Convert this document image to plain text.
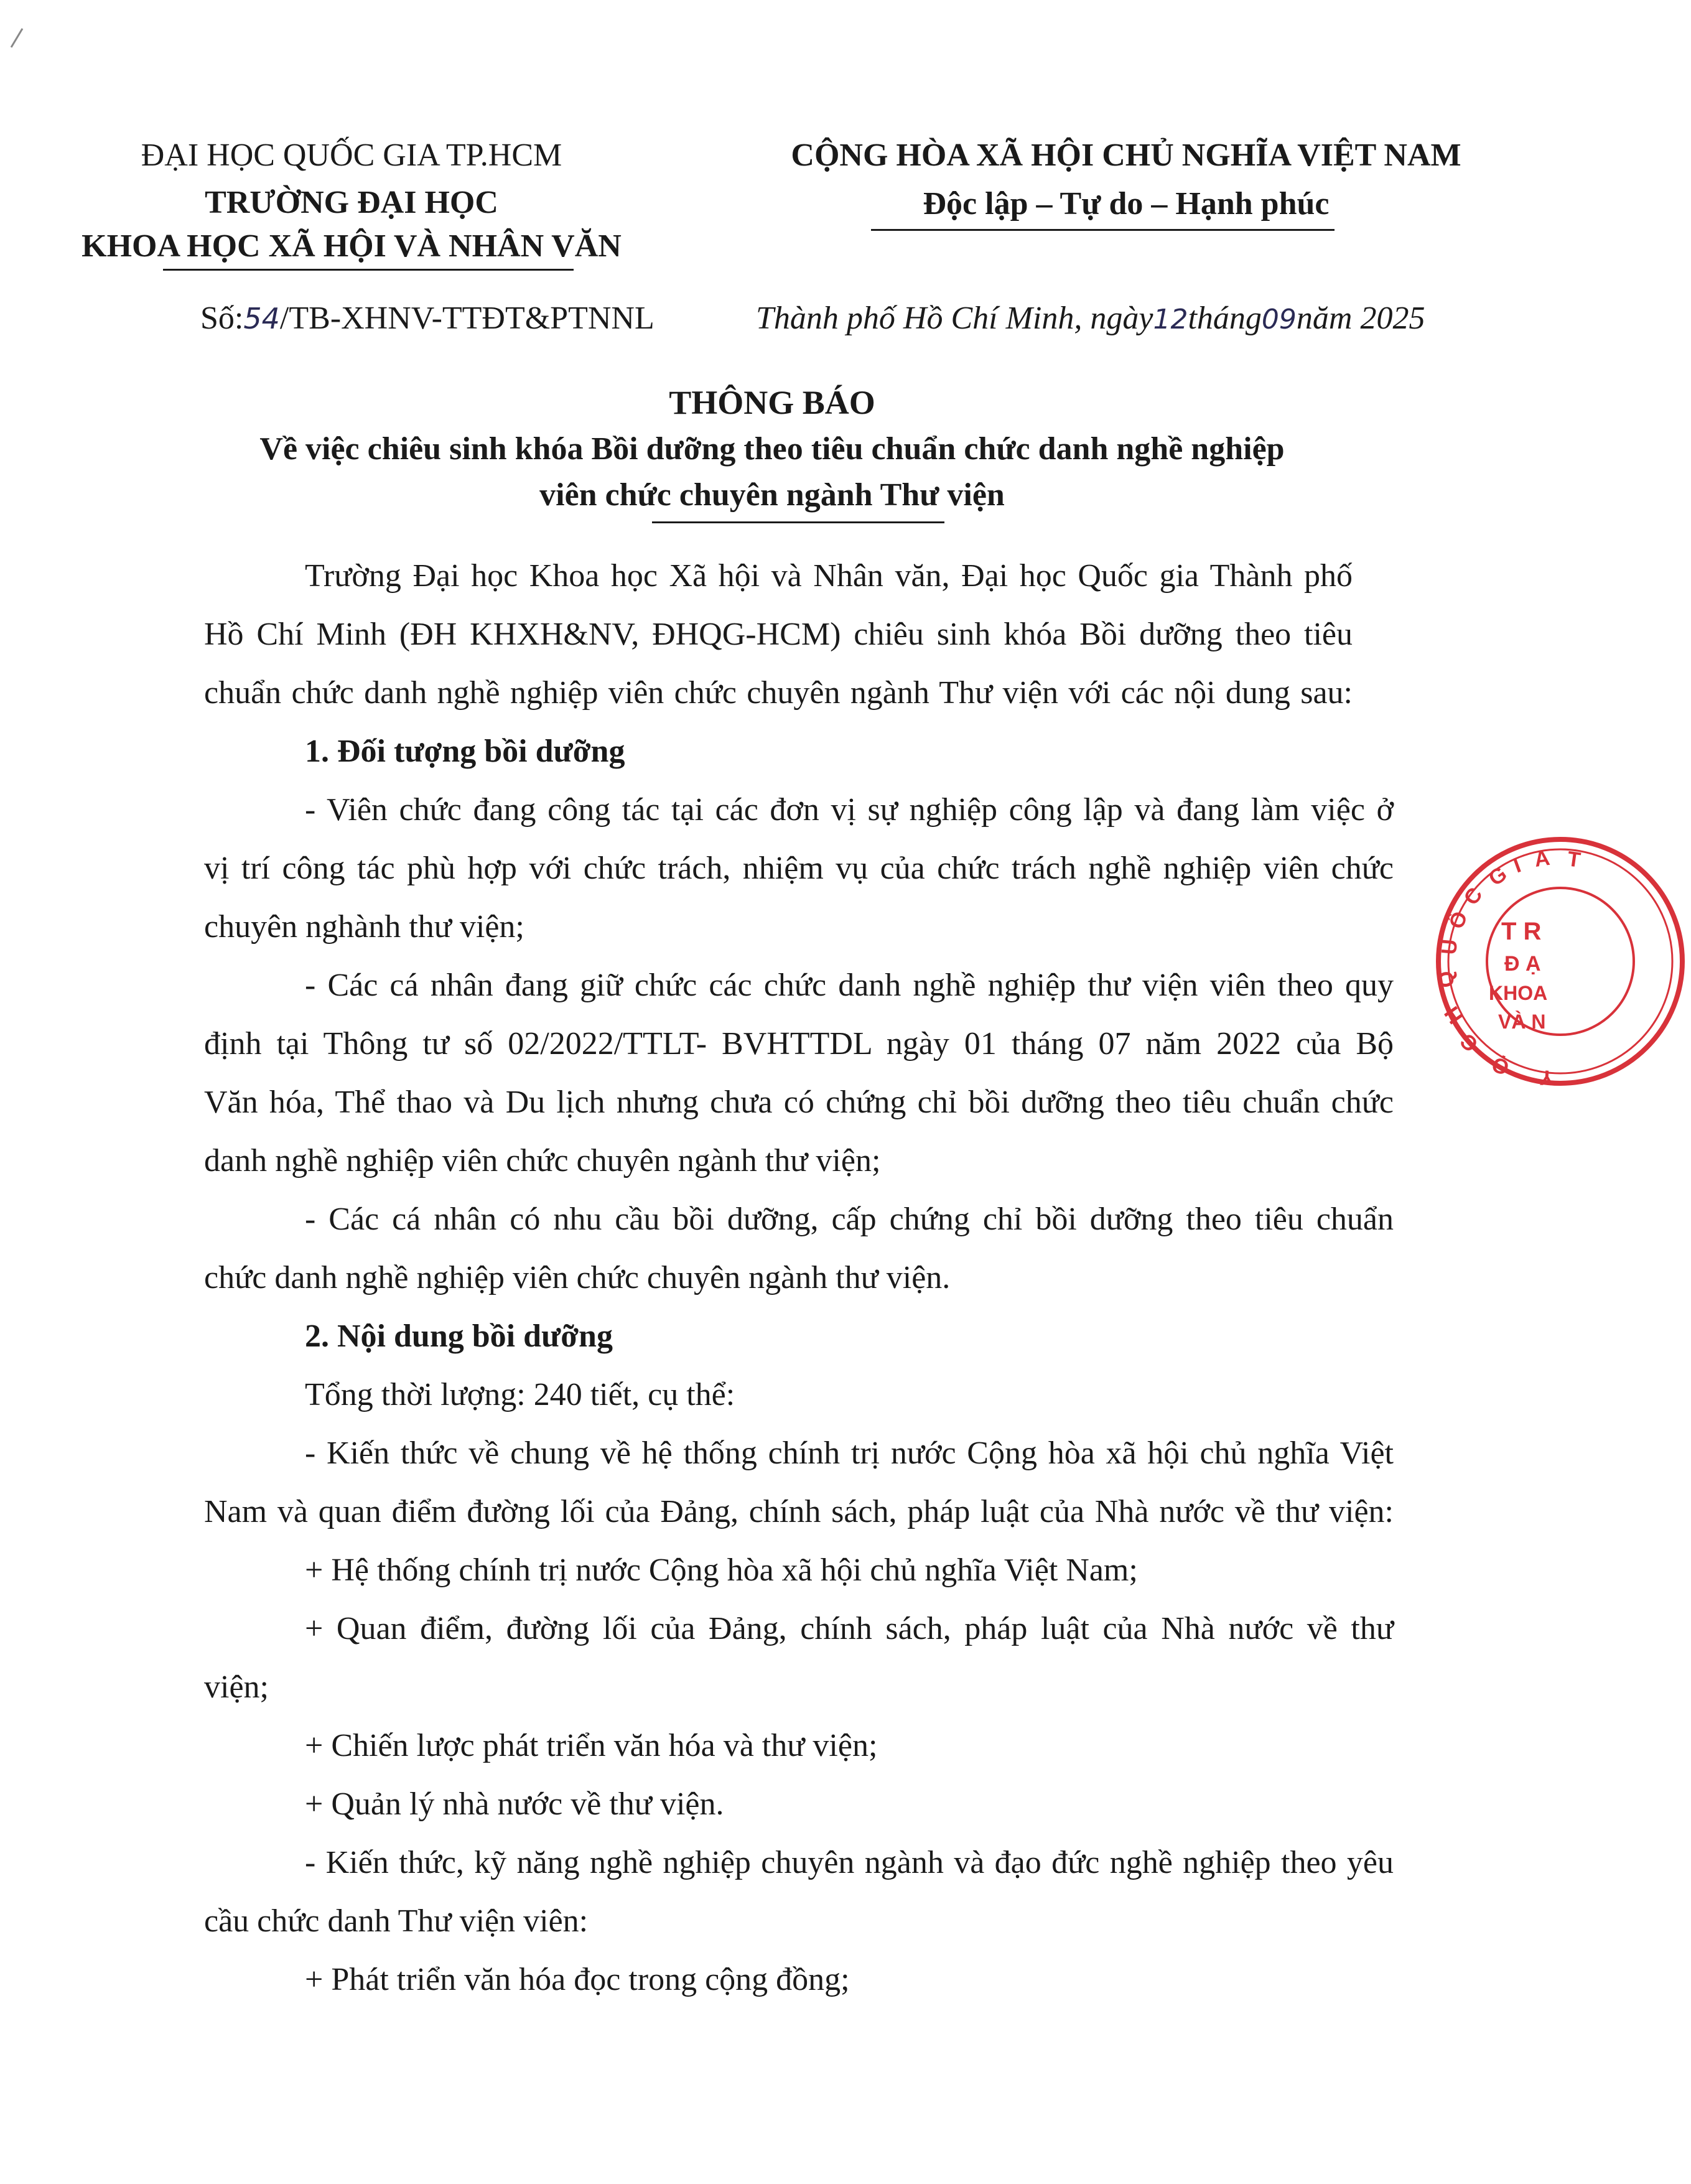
ĐẠI HỌC QUỐC GIA TP.HCM
TRƯỜNG ĐẠI HỌC
KHOA HỌC XÃ HỘI VÀ NHÂN VĂN
Số:54/TB-XHNV-TTĐT&PTNNL
CỘNG HÒA XÃ HỘI CHỦ NGHĨA VIỆT NAM
Độc lập – Tự do – Hạnh phúc
Thành phố Hồ Chí Minh, ngày12tháng09năm 2025
THÔNG BÁO
Về việc chiêu sinh khóa Bồi dưỡng theo tiêu chuẩn chức danh nghề nghiệp
viên chức chuyên ngành Thư viện
Trường Đại học Khoa học Xã hội và Nhân văn, Đại học Quốc gia Thành phố
Hồ Chí Minh (ĐH KHXH&NV, ĐHQG-HCM) chiêu sinh khóa Bồi dưỡng theo tiêu
chuẩn chức danh nghề nghiệp viên chức chuyên ngành Thư viện với các nội dung sau:
1. Đối tượng bồi dưỡng
- Viên chức đang công tác tại các đơn vị sự nghiệp công lập và đang làm việc ở
vị trí công tác phù hợp với chức trách, nhiệm vụ của chức trách nghề nghiệp viên chức
chuyên nghành thư viện;
- Các cá nhân đang giữ chức các chức danh nghề nghiệp thư viện viên theo quy
định tại Thông tư số 02/2022/TTLT- BVHTTDL ngày 01 tháng 07 năm 2022 của Bộ
Văn hóa, Thể thao và Du lịch nhưng chưa có chứng chỉ bồi dưỡng theo tiêu chuẩn chức
danh nghề nghiệp viên chức chuyên ngành thư viện;
- Các cá nhân có nhu cầu bồi dưỡng, cấp chứng chỉ bồi dưỡng theo tiêu chuẩn
chức danh nghề nghiệp viên chức chuyên ngành thư viện.
2. Nội dung bồi dưỡng
Tổng thời lượng: 240 tiết, cụ thể:
- Kiến thức về chung về hệ thống chính trị nước Cộng hòa xã hội chủ nghĩa Việt
Nam và quan điểm đường lối của Đảng, chính sách, pháp luật của Nhà nước về thư viện:
+ Hệ thống chính trị nước Cộng hòa xã hội chủ nghĩa Việt Nam;
+ Quan điểm, đường lối của Đảng, chính sách, pháp luật của Nhà nước về thư
viện;
+ Chiến lược phát triển văn hóa và thư viện;
+ Quản lý nhà nước về thư viện.
- Kiến thức, kỹ năng nghề nghiệp chuyên ngành và đạo đức nghề nghiệp theo yêu
cầu chức danh Thư viện viên:
+ Phát triển văn hóa đọc trong cộng đồng;
T R
Đ Ạ
KHOA
VÀ N
Q
U
Ố
C
G
I A T
H
C
Ọ Y
